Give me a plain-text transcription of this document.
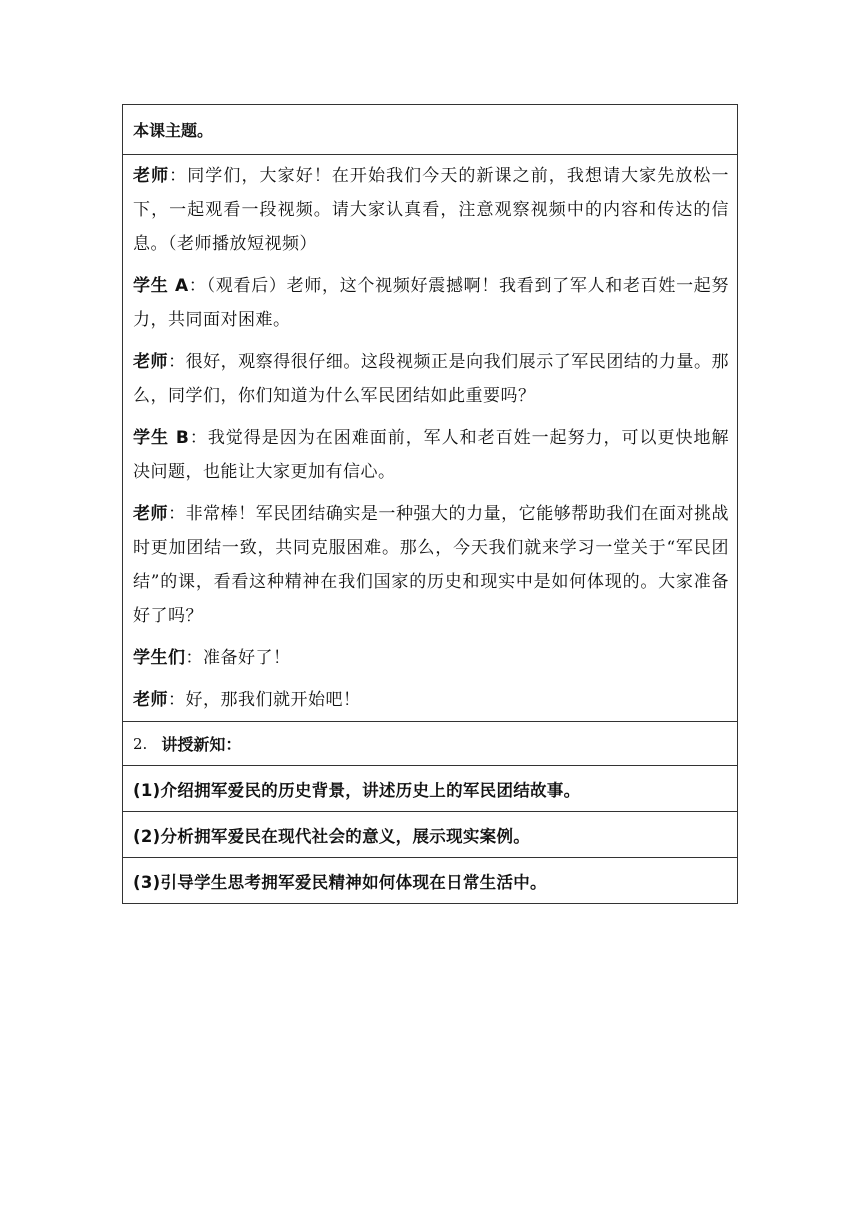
本课主题。

老师：同学们，大家好！在开始我们今天的新课之前，我想请大家先放松一下，一起观看一段视频。请大家认真看，注意观察视频中的内容和传达的信息。（老师播放短视频）

学生 A：（观看后）老师，这个视频好震撼啊！我看到了军人和老百姓一起努力，共同面对困难。

老师：很好，观察得很仔细。这段视频正是向我们展示了军民团结的力量。那么，同学们，你们知道为什么军民团结如此重要吗？

学生 B：我觉得是因为在困难面前，军人和老百姓一起努力，可以更快地解决问题，也能让大家更加有信心。

老师：非常棒！军民团结确实是一种强大的力量，它能够帮助我们在面对挑战时更加团结一致，共同克服困难。那么，今天我们就来学习一堂关于“军民团结”的课，看看这种精神在我们国家的历史和现实中是如何体现的。大家准备好了吗？

学生们：准备好了！

老师：好，那我们就开始吧！

2. 讲授新知：
(1)介绍拥军爱民的历史背景，讲述历史上的军民团结故事。
(2)分析拥军爱民在现代社会的意义，展示现实案例。
(3)引导学生思考拥军爱民精神如何体现在日常生活中。
